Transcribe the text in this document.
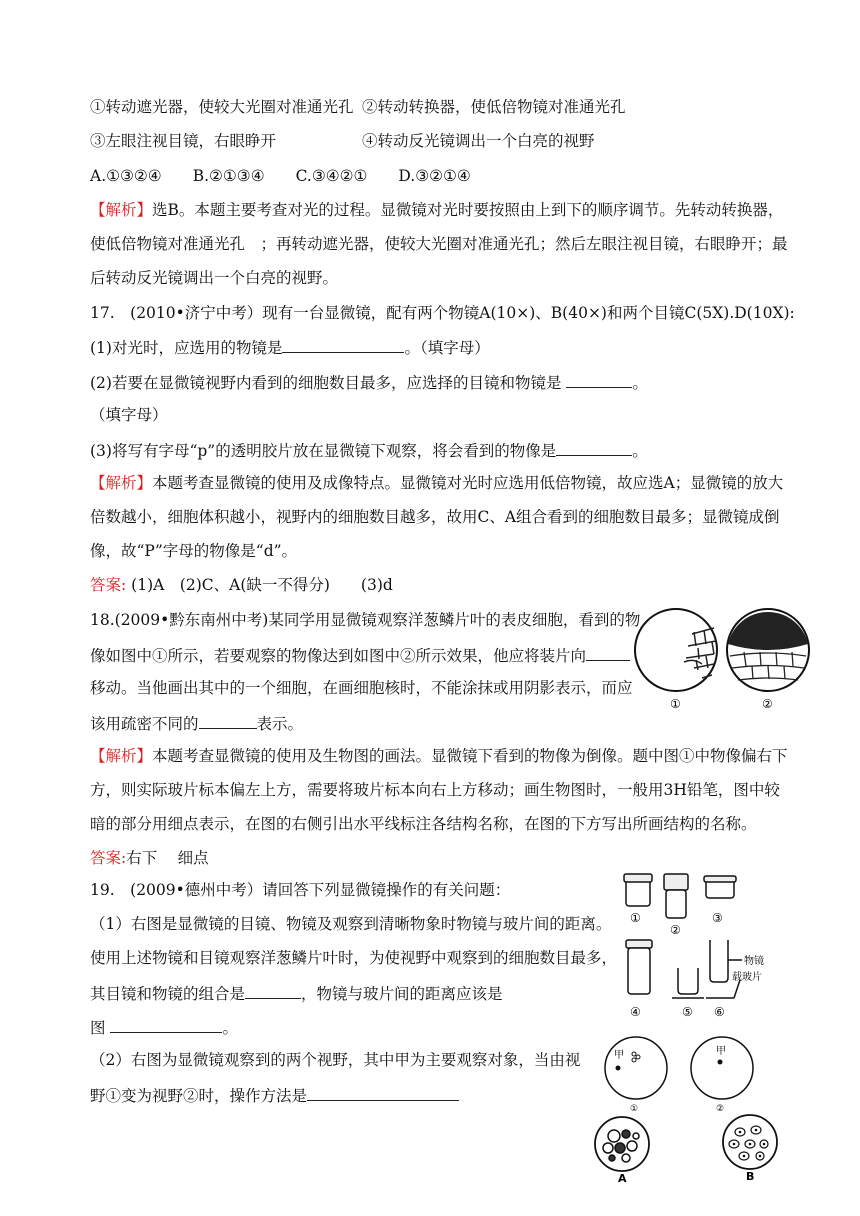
①转动遮光器，使较大光圈对准通光孔 ②转动转换器，使低倍物镜对准通光孔
③左眼注视目镜，右眼睁开	④转动反光镜调出一个白亮的视野
A.①③②④　　B.②①③④　　C.③④②①　　D.③②①④
【解析】选B。本题主要考查对光的过程。显微镜对光时要按照由上到下的顺序调节。先转动转换器，
使低倍物镜对准通光孔　；再转动遮光器，使较大光圈对准通光孔；然后左眼注视目镜，右眼睁开；最
后转动反光镜调出一个白亮的视野。
17.　(2010•济宁中考）现有一台显微镜，配有两个物镜A(10×)、B(40×)和两个目镜C(5X).D(10X):
(1)对光时，应选用的物镜是	。（填字母）
(2)若要在显微镜视野内看到的细胞数目最多，应选择的目镜和物镜是	。
（填字母）
(3)将写有字母“p”的透明胶片放在显微镜下观察，将会看到的物像是	。
【解析】本题考查显微镜的使用及成像特点。显微镜对光时应选用低倍物镜，故应选A；显微镜的放大
倍数越小，细胞体积越小，视野内的细胞数目越多，故用C、A组合看到的细胞数目最多；显微镜成倒
像，故“P”字母的物像是“d”。
答案: (1)A　(2)C、A(缺一不得分)　　(3)d
18.(2009•黔东南州中考)某同学用显微镜观察洋葱鳞片叶的表皮细胞，看到的物
像如图中①所示，若要观察的物像达到如图中②所示效果，他应将装片向
移动。当他画出其中的一个细胞，在画细胞核时，不能涂抹或用阴影表示，而应
该用疏密不同的	表示。
【解析】本题考查显微镜的使用及生物图的画法。显微镜下看到的物像为倒像。题中图①中物像偏右下
方，则实际玻片标本偏左上方，需要将玻片标本向右上方移动；画生物图时，一般用3H铅笔，图中较
暗的部分用细点表示，在图的右侧引出水平线标注各结构名称，在图的下方写出所画结构的名称。
答案:右下　 细点
①	②
19.　(2009•德州中考）请回答下列显微镜操作的有关问题：
（1）右图是显微镜的目镜、物镜及观察到清晰物象时物镜与玻片间的距离。
使用上述物镜和目镜观察洋葱鳞片叶时，为使视野中观察到的细胞数目最多，
其目镜和物镜的组合是	，物镜与玻片间的距离应该是
图	。
（2）右图为显微镜观察到的两个视野，其中甲为主要观察对象，当由视
野①变为视野②时，操作方法是
①
②
③
物镜
载玻片
④	⑤ ⑥
甲	甲
①	②
A	B
